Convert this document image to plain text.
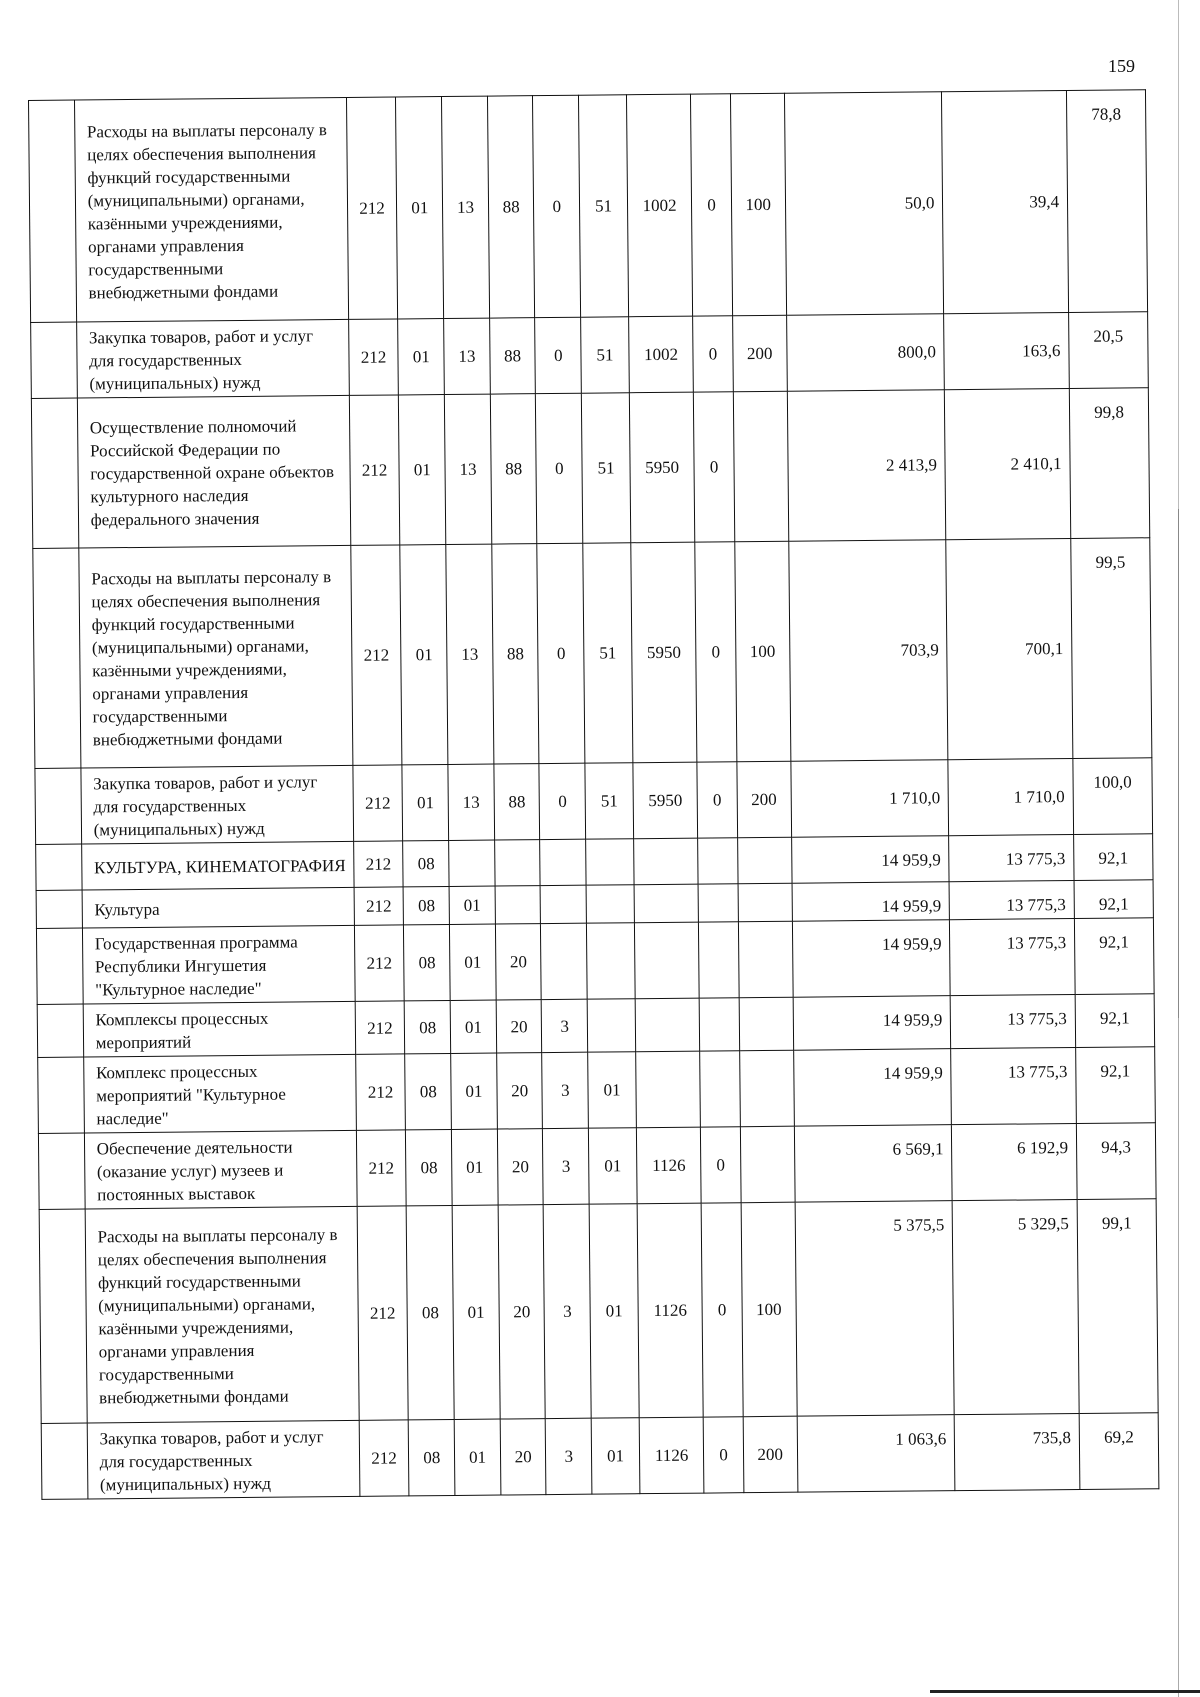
159
	Расходы на выплаты персоналу в целях обеспечения выполнения функций государственными (муниципальными) органами, казёнными учреждениями, органами управления государственными внебюджетными фондами	212	01	13	88	0	51	1002	0	100	50,0	39,4	78,8
	Закупка товаров, работ и услуг для государственных (муниципальных) нужд	212	01	13	88	0	51	1002	0	200	800,0	163,6	20,5
	Осуществление полномочий Российской Федерации по государственной охране объектов культурного наследия федерального значения	212	01	13	88	0	51	5950	0		2 413,9	2 410,1	99,8
	Расходы на выплаты персоналу в целях обеспечения выполнения функций государственными (муниципальными) органами, казёнными учреждениями, органами управления государственными внебюджетными фондами	212	01	13	88	0	51	5950	0	100	703,9	700,1	99,5
	Закупка товаров, работ и услуг для государственных (муниципальных) нужд	212	01	13	88	0	51	5950	0	200	1 710,0	1 710,0	100,0
	КУЛЬТУРА, КИНЕМАТОГРАФИЯ	212	08								14 959,9	13 775,3	92,1
	Культура	212	08	01							14 959,9	13 775,3	92,1
	Государственная программа Республики Ингушетия "Культурное наследие"	212	08	01	20						14 959,9	13 775,3	92,1
	Комплексы процессных мероприятий	212	08	01	20	3					14 959,9	13 775,3	92,1
	Комплекс процессных мероприятий "Культурное наследие"	212	08	01	20	3	01				14 959,9	13 775,3	92,1
	Обеспечение деятельности (оказание услуг) музеев и постоянных выставок	212	08	01	20	3	01	1126	0		6 569,1	6 192,9	94,3
	Расходы на выплаты персоналу в целях обеспечения выполнения функций государственными (муниципальными) органами, казёнными учреждениями, органами управления государственными внебюджетными фондами	212	08	01	20	3	01	1126	0	100	5 375,5	5 329,5	99,1
	Закупка товаров, работ и услуг для государственных (муниципальных) нужд	212	08	01	20	3	01	1126	0	200	1 063,6	735,8	69,2
